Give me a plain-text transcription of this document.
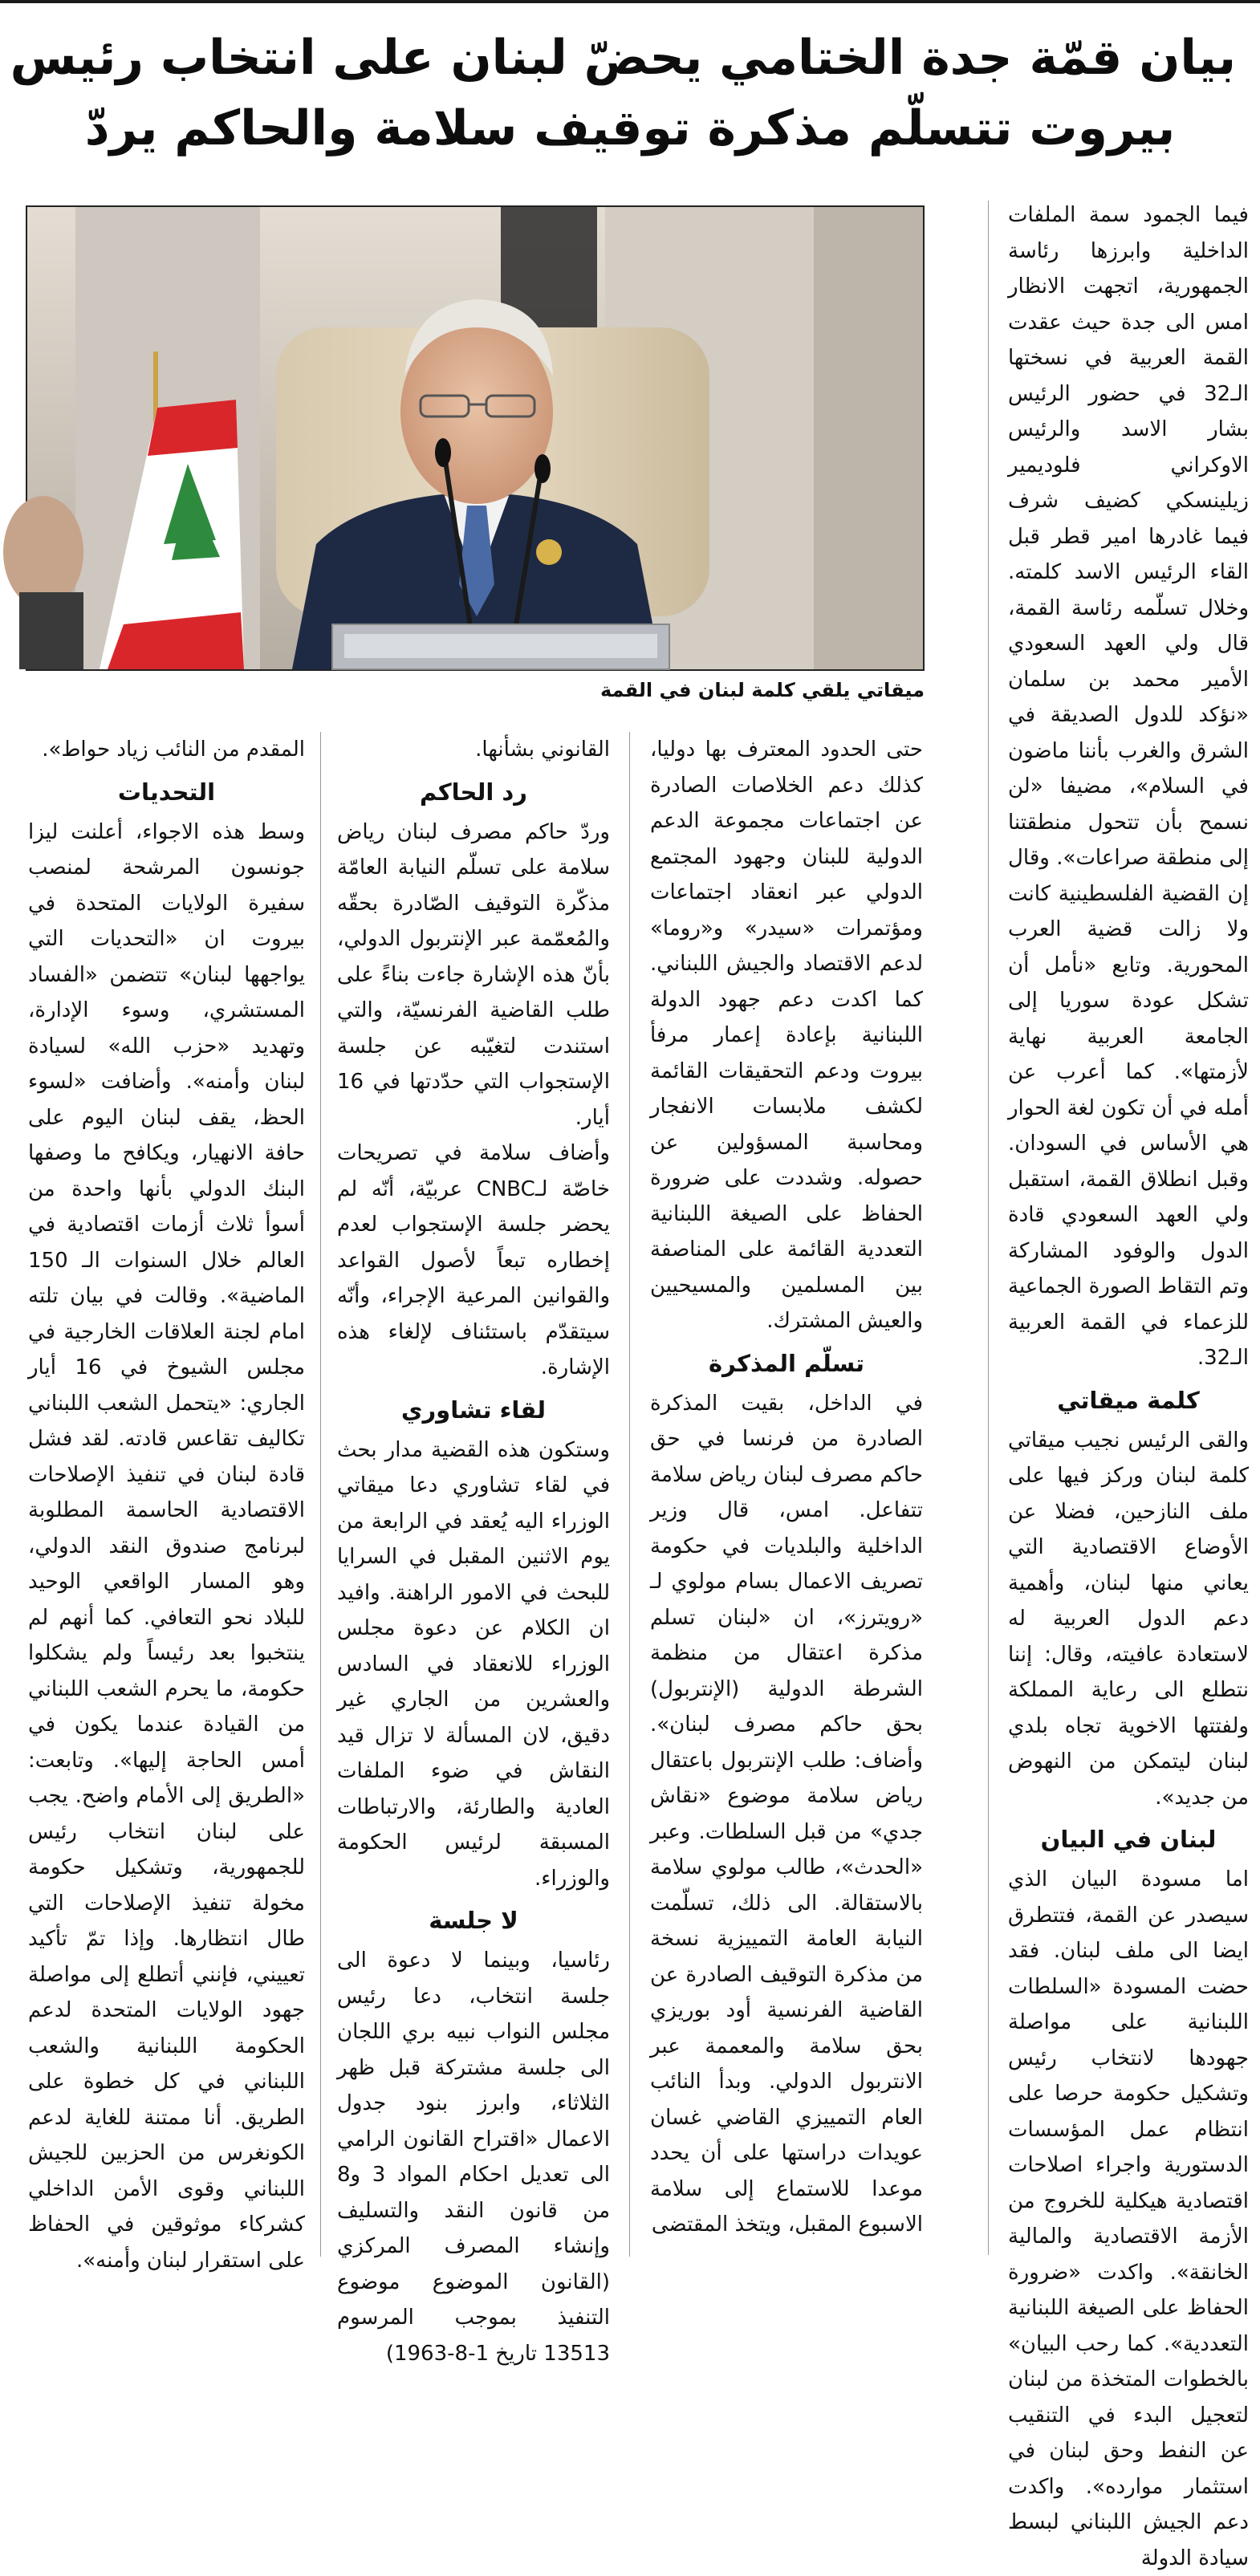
بيان قمّة جدة الختامي يحضّ لبنان على انتخاب رئيس
بيروت تتسلّم مذكرة توقيف سلامة والحاكم يردّ
ميقاتي يلقي كلمة لبنان في القمة

فيما الجمود سمة الملفات الداخلية وابرزها رئاسة الجمهورية، اتجهت الانظار امس الى جدة حيث عقدت القمة العربية في نسختها الـ32 في حضور الرئيس بشار الاسد والرئيس الاوكراني فلوديمير زيلينسكي كضيف شرف فيما غادرها امير قطر قبل القاء الرئيس الاسد كلمته. وخلال تسلّمه رئاسة القمة، قال ولي العهد السعودي الأمير محمد بن سلمان «نؤكد للدول الصديقة في الشرق والغرب بأننا ماضون في السلام»، مضيفا «لن نسمح بأن تتحول منطقتنا إلى منطقة صراعات». وقال إن القضية الفلسطينية كانت ولا زالت قضية العرب المحورية. وتابع «نأمل أن تشكل عودة سوريا إلى الجامعة العربية نهاية لأزمتها». كما أعرب عن أمله في أن تكون لغة الحوار هي الأساس في السودان. وقبل انطلاق القمة، استقبل ولي العهد السعودي قادة الدول والوفود المشاركة وتم التقاط الصورة الجماعية للزعماء في القمة العربية الـ32.

كلمة ميقاتي

والقى الرئيس نجيب ميقاتي كلمة لبنان وركز فيها على ملف النازحين، فضلا عن الأوضاع الاقتصادية التي يعاني منها لبنان، وأهمية دعم الدول العربية له لاستعادة عافيته، وقال: إننا نتطلع الى رعاية المملكة ولفتتها الاخوية تجاه بلدي لبنان ليتمكن من النهوض من جديد».

لبنان في البيان

اما مسودة البيان الذي سيصدر عن القمة، فتتطرق ايضا الى ملف لبنان. فقد حضت المسودة «السلطات اللبنانية على مواصلة جهودها لانتخاب رئيس وتشكيل حكومة حرصا على انتظام عمل المؤسسات الدستورية واجراء اصلاحات اقتصادية هيكلية للخروج من الأزمة الاقتصادية والمالية الخانقة». واكدت «ضرورة الحفاظ على الصيغة اللبنانية التعددية». كما رحب البيان» بالخطوات المتخذة من لبنان لتعجيل البدء في التنقيب عن النفط وحق لبنان في استثمار موارده». واكدت دعم الجيش اللبناني لبسط سيادة الدولة

حتى الحدود المعترف بها دوليا، كذلك دعم الخلاصات الصادرة عن اجتماعات مجموعة الدعم الدولية للبنان وجهود المجتمع الدولي عبر انعقاد اجتماعات ومؤتمرات «سيدر» و«روما» لدعم الاقتصاد والجيش اللبناني. كما اكدت دعم جهود الدولة اللبنانية بإعادة إعمار مرفأ بيروت ودعم التحقيقات القائمة لكشف ملابسات الانفجار ومحاسبة المسؤولين عن حصوله. وشددت على ضرورة الحفاظ على الصيغة اللبنانية التعددية القائمة على المناصفة بين المسلمين والمسيحيين والعيش المشترك.

تسلّم المذكرة

في الداخل، بقيت المذكرة الصادرة من فرنسا في حق حاكم مصرف لبنان رياض سلامة تتفاعل. امس، قال وزير الداخلية والبلديات في حكومة تصريف الاعمال بسام مولوي لـ «رويترز»، ان «لبنان تسلم مذكرة اعتقال من منظمة الشرطة الدولية (الإنتربول) بحق حاكم مصرف لبنان». وأضاف: طلب الإنتربول باعتقال رياض سلامة موضوع «نقاش جدي» من قبل السلطات. وعبر «الحدث»، طالب مولوي سلامة بالاستقالة. الى ذلك، تسلّمت النيابة العامة التمييزية نسخة من مذكرة التوقيف الصادرة عن القاضية الفرنسية أود بوريزي بحق سلامة والمعممة عبر الانتربول الدولي. وبدأ النائب العام التمييزي القاضي غسان عويدات دراستها على أن يحدد موعدا للاستماع إلى سلامة الاسبوع المقبل، ويتخذ المقتضى

القانوني بشأنها.

رد الحاكم

وردّ حاكم مصرف لبنان رياض سلامة على تسلّم النيابة العامّة مذكّرة التوقيف الصّادرة بحقّه والمُعمّمة عبر الإنتربول الدولي، بأنّ هذه الإشارة جاءت بناءً على طلب القاضية الفرنسيّة، والتي استندت لتغيّبه عن جلسة الإستجواب التي حدّدتها في 16 أيار.

وأضاف سلامة في تصريحات خاصّة لـCNBC عربيّة، أنّه لم يحضر جلسة الإستجواب لعدم إخطاره تبعاً لأصول القواعد والقوانين المرعية الإجراء، وأنّه سيتقدّم باستئناف لإلغاء هذه الإشارة.

لقاء تشاوري

وستكون هذه القضية مدار بحث في لقاء تشاوري دعا ميقاتي الوزراء اليه يُعقد في الرابعة من يوم الاثنين المقبل في السرايا للبحث في الامور الراهنة. وافيد ان الكلام عن دعوة مجلس الوزراء للانعقاد في السادس والعشرين من الجاري غير دقيق، لان المسألة لا تزال قيد النقاش في ضوء الملفات العادية والطارئة، والارتباطات المسبقة لرئيس الحكومة والوزراء.

لا جلسة

رئاسيا، وبينما لا دعوة الى جلسة انتخاب، دعا رئيس مجلس النواب نبيه بري اللجان الى جلسة مشتركة قبل ظهر الثلاثاء، وابرز بنود جدول الاعمال «اقتراح القانون الرامي الى تعديل احكام المواد 3 و8 من قانون النقد والتسليف وإنشاء المصرف المركزي (القانون الموضوع موضوع التنفيذ بموجب المرسوم 13513 تاريخ 1-8-1963)

المقدم من النائب زياد حواط».

التحديات

وسط هذه الاجواء، أعلنت ليزا جونسون المرشحة لمنصب سفيرة الولايات المتحدة في بيروت ان «التحديات التي يواجهها لبنان» تتضمن «الفساد المستشري، وسوء الإدارة، وتهديد «حزب الله» لسيادة لبنان وأمنه». وأضافت «لسوء الحظ، يقف لبنان اليوم على حافة الانهيار، ويكافح ما وصفها البنك الدولي بأنها واحدة من أسوأ ثلاث أزمات اقتصادية في العالم خلال السنوات الـ 150 الماضية». وقالت في بيان تلته امام لجنة العلاقات الخارجية في مجلس الشيوخ في 16 أيار الجاري: «يتحمل الشعب اللبناني تكاليف تقاعس قادته. لقد فشل قادة لبنان في تنفيذ الإصلاحات الاقتصادية الحاسمة المطلوبة لبرنامج صندوق النقد الدولي، وهو المسار الواقعي الوحيد للبلاد نحو التعافي. كما أنهم لم ينتخبوا بعد رئيساً ولم يشكلوا حكومة، ما يحرم الشعب اللبناني من القيادة عندما يكون في أمس الحاجة إليها». وتابعت: «الطريق إلى الأمام واضح. يجب على لبنان انتخاب رئيس للجمهورية، وتشكيل حكومة مخولة تنفيذ الإصلاحات التي طال انتظارها. وإذا تمّ تأكيد تعييني، فإنني أتطلع إلى مواصلة جهود الولايات المتحدة لدعم الحكومة اللبنانية والشعب اللبناني في كل خطوة على الطريق. أنا ممتنة للغاية لدعم الكونغرس من الحزبين للجيش اللبناني وقوى الأمن الداخلي كشركاء موثوقين في الحفاظ على استقرار لبنان وأمنه».
